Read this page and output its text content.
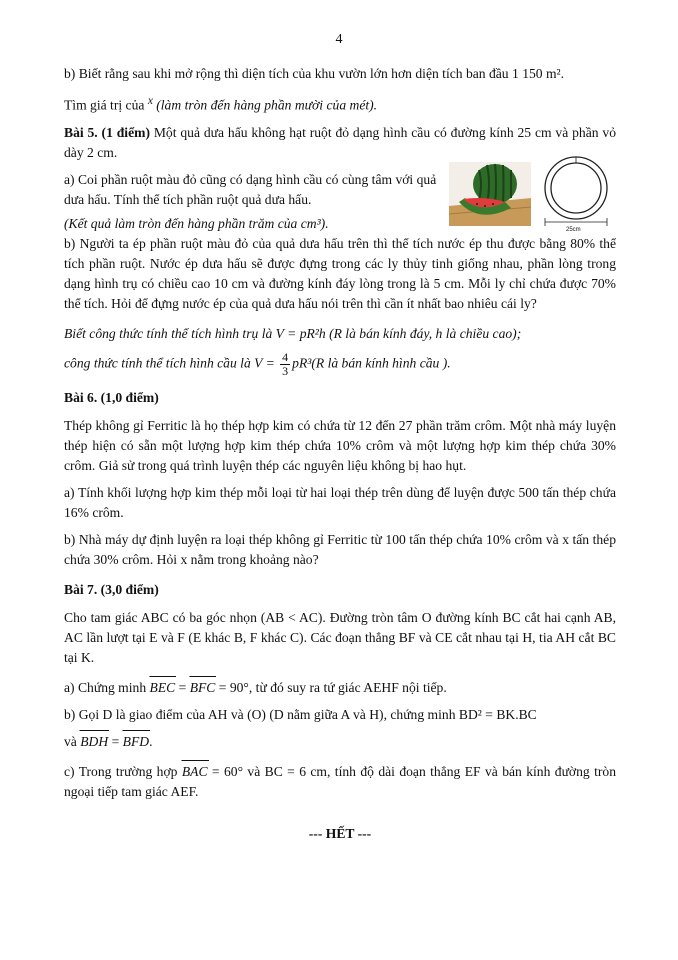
4

b) Biết rằng sau khi mở rộng thì diện tích của khu vườn lớn hơn diện tích ban đầu 1 150 m².

Tìm giá trị của $^x$ (làm tròn đến hàng phần mười của mét).

Bài 5. (1 điểm) Một quả dưa hấu không hạt ruột đỏ dạng hình cầu có đường kính 25 cm và phần vỏ dày 2 cm.

a) Coi phần ruột màu đỏ cũng có dạng hình cầu có cùng tâm với quả dưa hấu. Tính thể tích phần ruột quả dưa hấu.
(Kết quả làm tròn đến hàng phần trăm của cm³).	25cm

b) Người ta ép phần ruột màu đỏ của quả dưa hấu trên thì thể tích nước ép thu được bằng 80% thể tích phần ruột. Nước ép dưa hấu sẽ được đựng trong các ly thủy tinh giống nhau, phần lòng trong dạng hình trụ có chiều cao 10 cm và đường kính đáy lòng trong là 5 cm. Mỗi ly chỉ chứa được 70% thể tích. Hỏi để đựng nước ép của quả dưa hấu nói trên thì cần ít nhất bao nhiêu cái ly?

Biết công thức tính thể tích hình trụ là V = pR²h (R là bán kính đáy, h là chiều cao);

công thức tính thể tích hình cầu là $V = \frac{4}{3} pR^3(R$ là bán kính hình cầu ).

Bài 6. (1,0 điểm)

Thép không gỉ Ferritic là họ thép hợp kim có chứa từ 12 đến 27 phần trăm crôm. Một nhà máy luyện thép hiện có sẵn một lượng hợp kim thép chứa 10% crôm và một lượng hợp kim thép chứa 30% crôm. Giả sử trong quá trình luyện thép các nguyên liệu không bị hao hụt.

a) Tính khối lượng hợp kim thép mỗi loại từ hai loại thép trên dùng để luyện được 500 tấn thép chứa 16% crôm.

b) Nhà máy dự định luyện ra loại thép không gỉ Ferritic từ 100 tấn thép chứa 10% crôm và x tấn thép chứa 30% crôm. Hỏi x nằm trong khoảng nào?

Bài 7. (3,0 điểm)

Cho tam giác ABC có ba góc nhọn (AB < AC). Đường tròn tâm O đường kính BC cắt hai cạnh AB, AC lần lượt tại E và F (E khác B, F khác C). Các đoạn thẳng BF và CE cắt nhau tại H, tia AH cắt BC tại K.

a) Chứng minh BEC = BFC = 90°, từ đó suy ra tứ giác AEHF nội tiếp.

b) Gọi D là giao điểm của AH và (O) (D nằm giữa A và H), chứng minh BD² = BK.BC

và BDH = BFD.

c) Trong trường hợp BAC = 60° và BC = 6 cm, tính độ dài đoạn thẳng EF và bán kính đường tròn ngoại tiếp tam giác AEF.

--- HẾT ---
